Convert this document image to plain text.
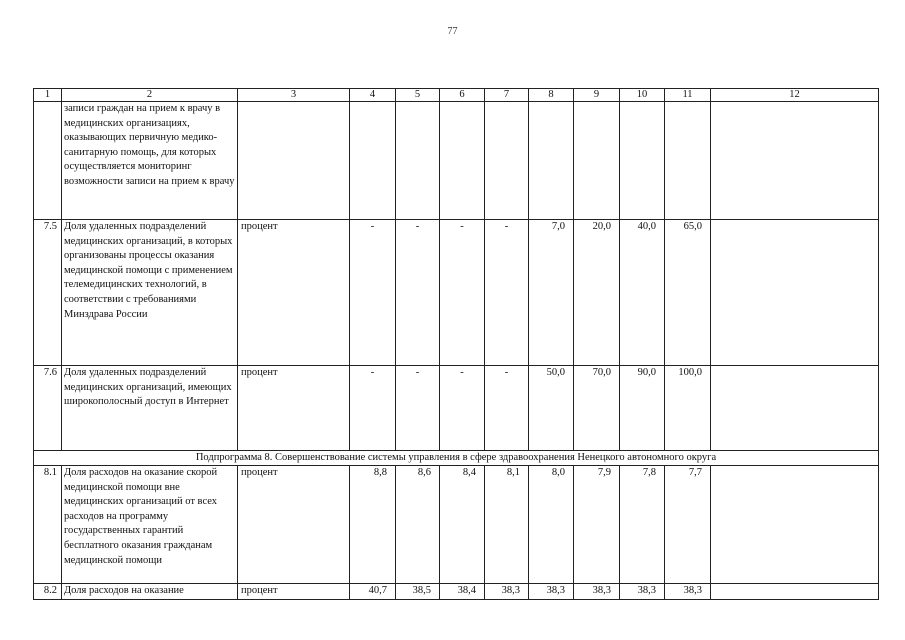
77
1	2	3	4	5	6	7	8	9	10	11	12
	записи граждан на прием к врачу в медицинских организациях, оказывающих первичную медико-санитарную помощь, для которых осуществляется мониторинг возможности записи на прием к врачу										
7.5	Доля удаленных подразделений медицинских организаций, в которых организованы процессы оказания медицинской помощи с применением телемедицинских технологий, в соответствии с требованиями Минздрава России	процент	-	-	-	-	7,0	20,0	40,0	65,0	
7.6	Доля удаленных подразделений медицинских организаций, имеющих широкополосный доступ в Интернет	процент	-	-	-	-	50,0	70,0	90,0	100,0	
Подпрограмма 8. Совершенствование системы управления в сфере здравоохранения Ненецкого автономного округа											
8.1	Доля расходов на оказание скорой медицинской помощи вне медицинских организаций от всех расходов на программу государственных гарантий бесплатного оказания гражданам медицинской помощи	процент	8,8	8,6	8,4	8,1	8,0	7,9	7,8	7,7	
8.2	Доля расходов на оказание	процент	40,7	38,5	38,4	38,3	38,3	38,3	38,3	38,3	
